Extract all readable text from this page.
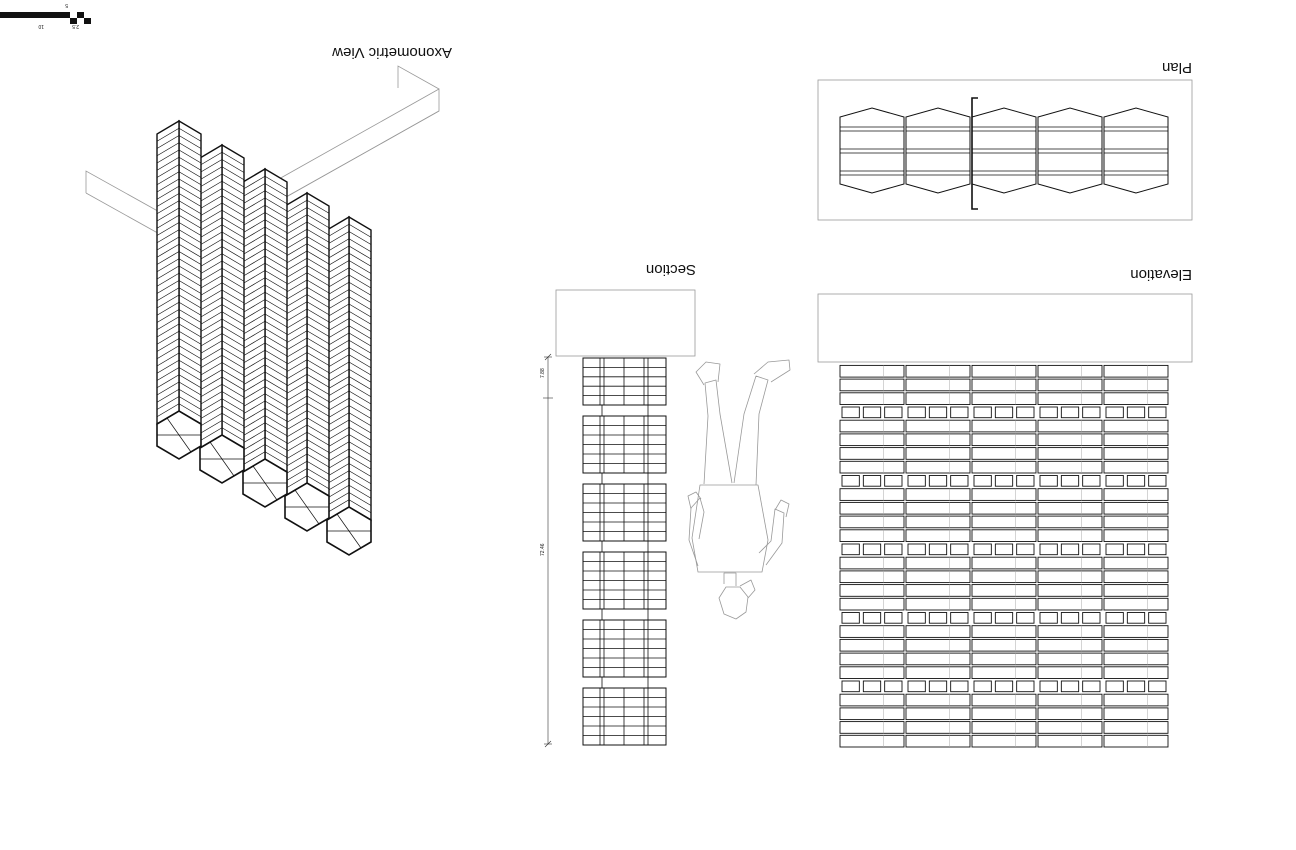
Plan
Elevation
Section
7.88
72.46
Axonometric View
10	2.5
5
